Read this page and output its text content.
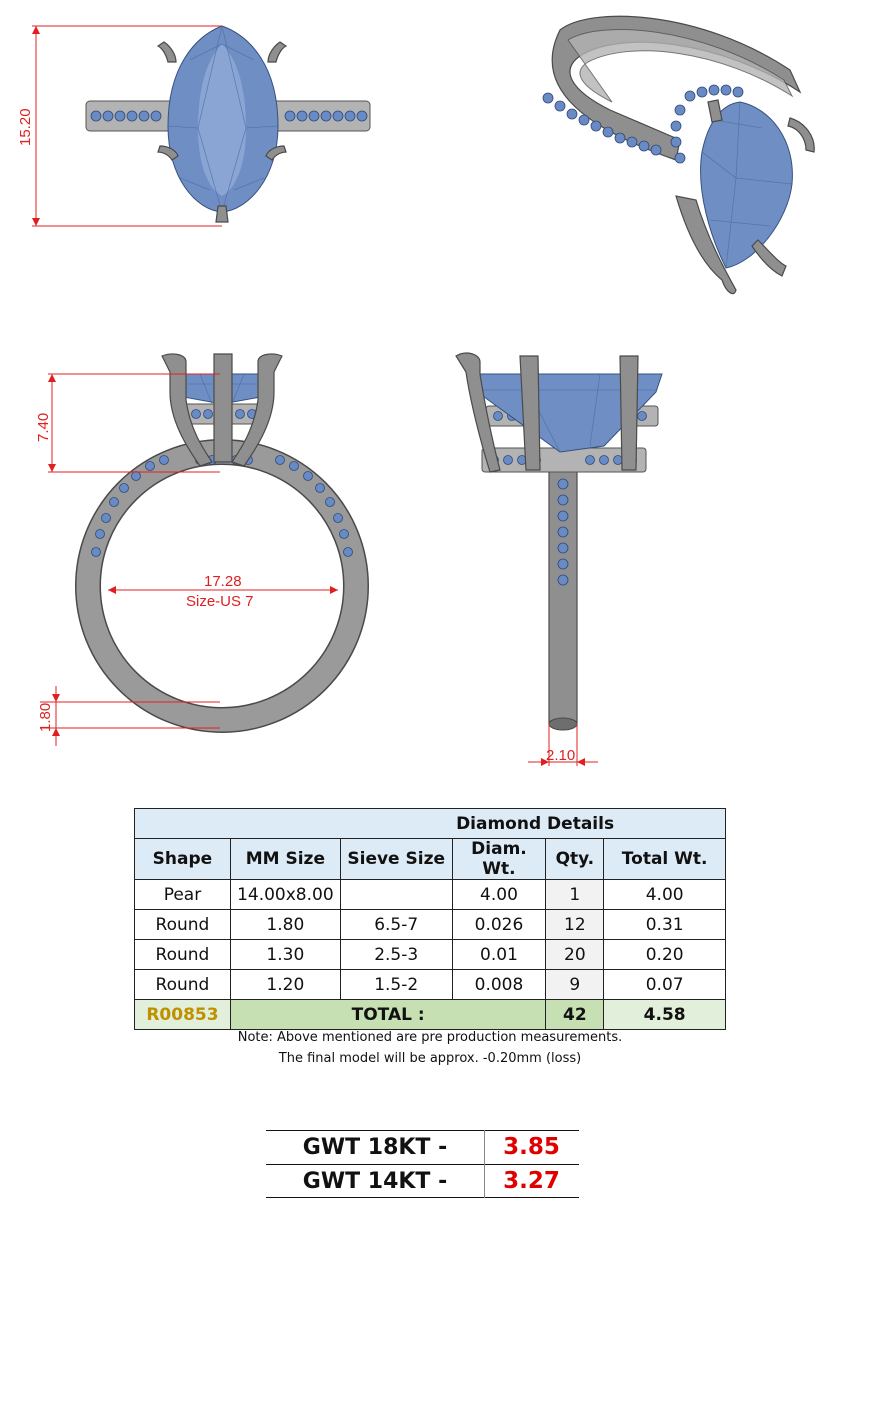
15.20
7.40
17.28
Size-US 7
1.80
2.10
			Diamond Details		
Shape	MM Size	Sieve Size	Diam. Wt.	Qty.	Total Wt.
Pear	14.00x8.00		4.00	1	4.00
Round	1.80	6.5-7	0.026	12	0.31
Round	1.30	2.5-3	0.01	20	0.20
Round	1.20	1.5-2	0.008	9	0.07
R00853	TOTAL :			42	4.58
Note: Above mentioned are pre production measurements.
The final model will be approx. -0.20mm (loss)
GWT 18KT -	3.85
GWT 14KT -	3.27
